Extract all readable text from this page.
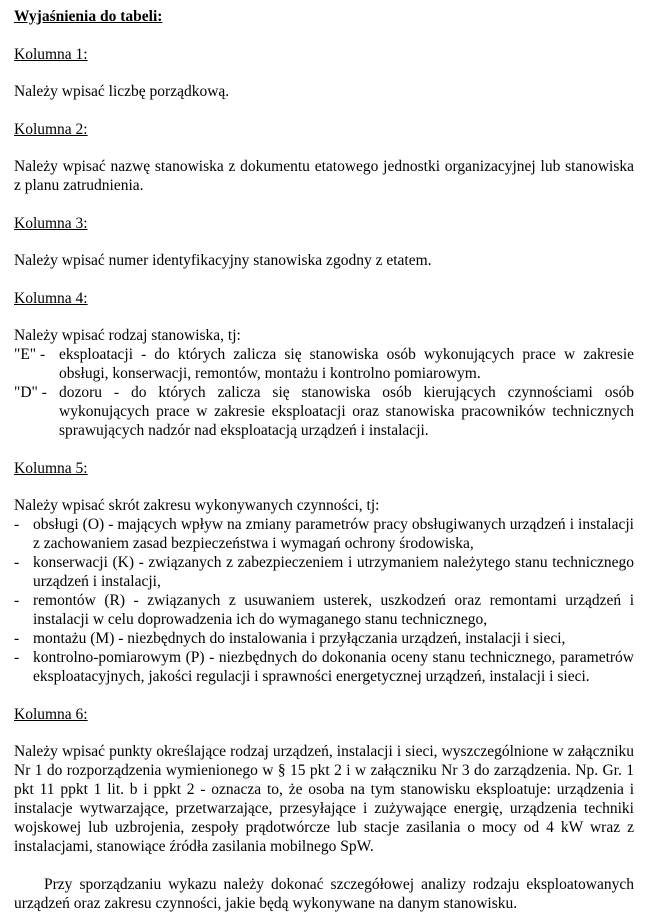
Wyjaśnienia do tabeli:

Kolumna 1:

Należy wpisać liczbę porządkową.

Kolumna 2:

Należy wpisać nazwę stanowiska z dokumentu etatowego jednostki organizacyjnej lub stanowiska z planu zatrudnienia.

Kolumna 3:

Należy wpisać numer identyfikacyjny stanowiska zgodny z etatem.

Kolumna 4:

Należy wpisać rodzaj stanowiska, tj:

"E" - eksploatacji - do których zalicza się stanowiska osób wykonujących prace w zakresie obsługi, konserwacji, remontów, montażu i kontrolno pomiarowym.
"D" - dozoru - do których zalicza się stanowiska osób kierujących czynnościami osób wykonujących prace w zakresie eksploatacji oraz stanowiska pracowników technicznych sprawujących nadzór nad eksploatacją urządzeń i instalacji.

Kolumna 5:

Należy wpisać skrót zakresu wykonywanych czynności, tj:

- obsługi (O) - mających wpływ na zmiany parametrów pracy obsługiwanych urządzeń i instalacji z zachowaniem zasad bezpieczeństwa i wymagań ochrony środowiska,
- konserwacji (K) - związanych z zabezpieczeniem i utrzymaniem należytego stanu technicznego urządzeń i instalacji,
- remontów (R) - związanych z usuwaniem usterek, uszkodzeń oraz remontami urządzeń i instalacji w celu doprowadzenia ich do wymaganego stanu technicznego,
- montażu (M) - niezbędnych do instalowania i przyłączania urządzeń, instalacji i sieci,
- kontrolno-pomiarowym (P) - niezbędnych do dokonania oceny stanu technicznego, parametrów eksploatacyjnych, jakości regulacji i sprawności energetycznej urządzeń, instalacji i sieci.

Kolumna 6:

Należy wpisać punkty określające rodzaj urządzeń, instalacji i sieci, wyszczególnione w załączniku Nr 1 do rozporządzenia wymienionego w § 15 pkt 2 i w załączniku Nr 3 do zarządzenia. Np. Gr. 1 pkt 11 ppkt 1 lit. b i ppkt 2 - oznacza to, że osoba na tym stanowisku eksploatuje: urządzenia i instalacje wytwarzające, przetwarzające, przesyłające i zużywające energię, urządzenia techniki wojskowej lub uzbrojenia, zespoły prądotwórcze lub stacje zasilania o mocy od 4 kW wraz z instalacjami, stanowiące źródła zasilania mobilnego SpW.

Przy sporządzaniu wykazu należy dokonać szczegółowej analizy rodzaju eksploatowanych urządzeń oraz zakresu czynności, jakie będą wykonywane na danym stanowisku.
